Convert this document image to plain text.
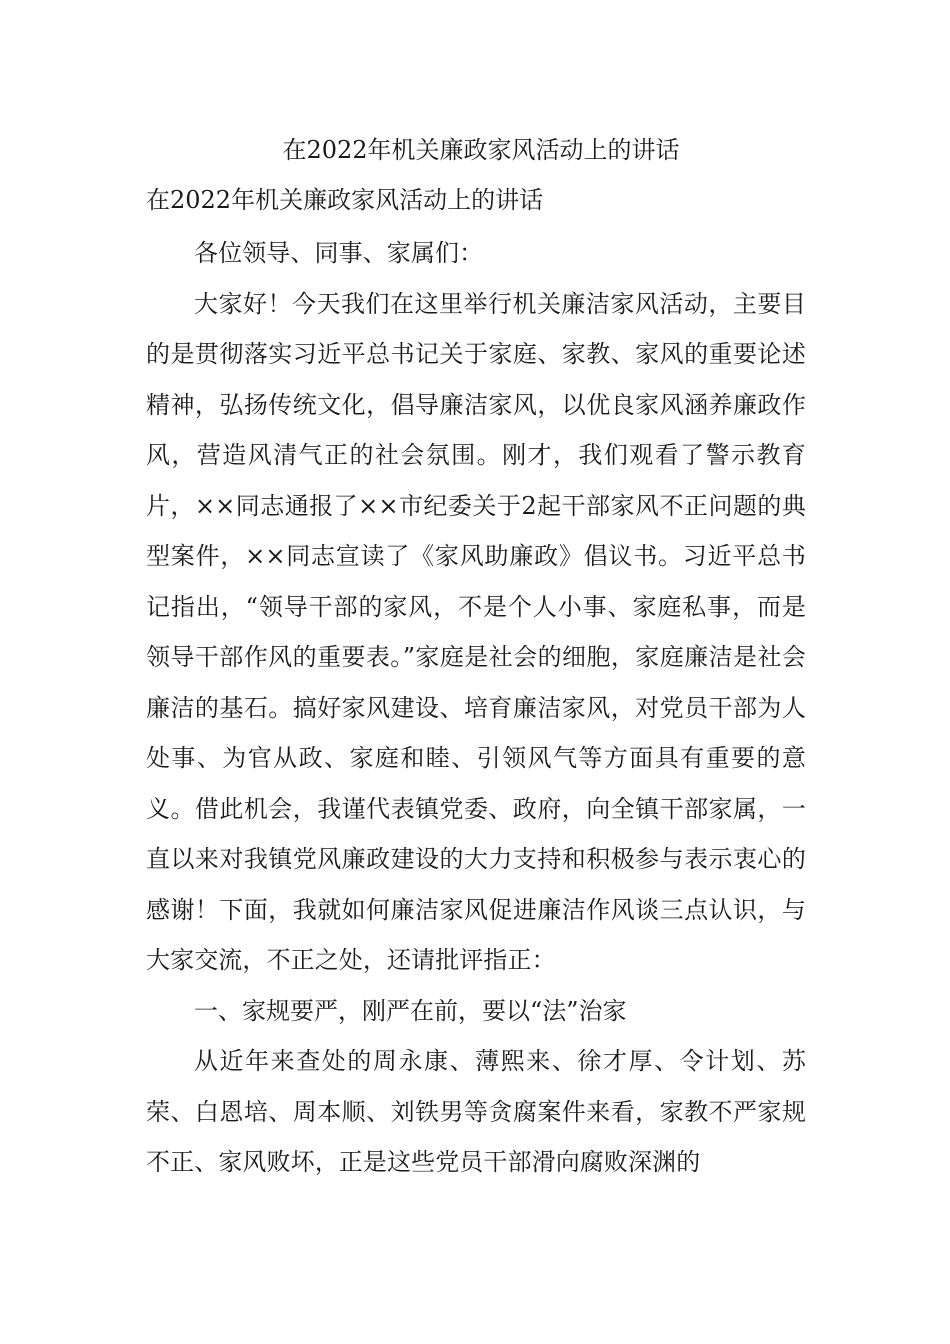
在2022年机关廉政家风活动上的讲话
在2022年机关廉政家风活动上的讲话

各位领导、同事、家属们：

大家好！今天我们在这里举行机关廉洁家风活动，主要目的是贯彻落实习近平总书记关于家庭、家教、家风的重要论述精神，弘扬传统文化，倡导廉洁家风，以优良家风涵养廉政作风，营造风清气正的社会氛围。刚才，我们观看了警示教育片，××同志通报了××市纪委关于2起干部家风不正问题的典型案件，××同志宣读了《家风助廉政》倡议书。习近平总书记指出，“领导干部的家风，不是个人小事、家庭私事，而是领导干部作风的重要表。”家庭是社会的细胞，家庭廉洁是社会廉洁的基石。搞好家风建设、培育廉洁家风，对党员干部为人处事、为官从政、家庭和睦、引领风气等方面具有重要的意义。借此机会，我谨代表镇党委、政府，向全镇干部家属，一直以来对我镇党风廉政建设的大力支持和积极参与表示衷心的感谢！下面，我就如何廉洁家风促进廉洁作风谈三点认识，与大家交流，不正之处，还请批评指正：

一、家规要严，刚严在前，要以“法”治家

从近年来查处的周永康、薄熙来、徐才厚、令计划、苏荣、白恩培、周本顺、刘铁男等贪腐案件来看，家教不严家规不正、家风败坏，正是这些党员干部滑向腐败深渊的
